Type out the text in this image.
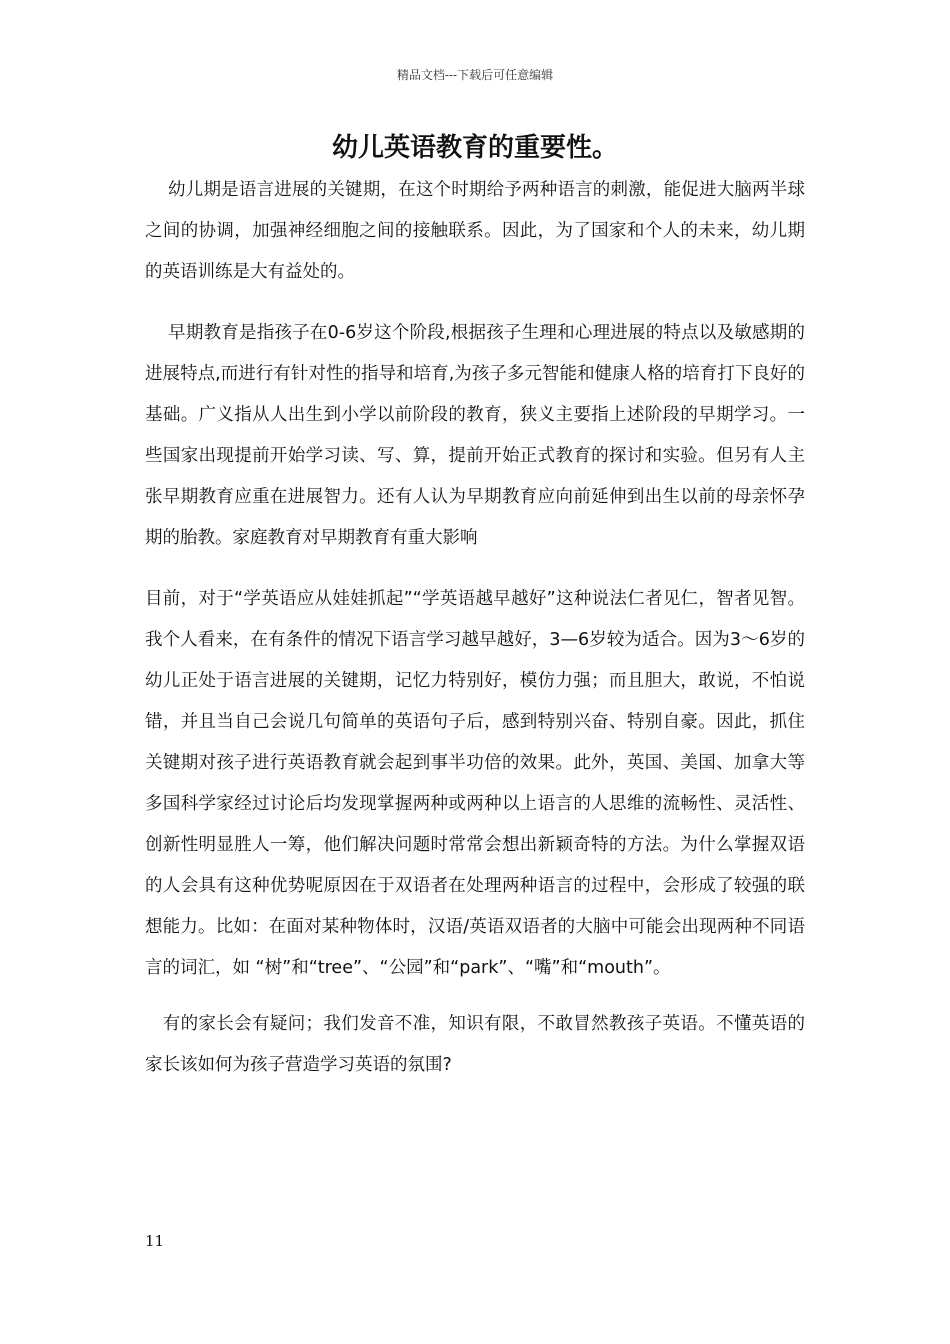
精品文档---下载后可任意编辑

幼儿英语教育的重要性。

幼儿期是语言进展的关键期，在这个时期给予两种语言的刺激，能促进大脑两半球之间的协调，加强神经细胞之间的接触联系。因此，为了国家和个人的未来，幼儿期的英语训练是大有益处的。

早期教育是指孩子在0-6岁这个阶段,根据孩子生理和心理进展的特点以及敏感期的进展特点,而进行有针对性的指导和培育,为孩子多元智能和健康人格的培育打下良好的基础。广义指从人出生到小学以前阶段的教育，狭义主要指上述阶段的早期学习。一些国家出现提前开始学习读、写、算，提前开始正式教育的探讨和实验。但另有人主张早期教育应重在进展智力。还有人认为早期教育应向前延伸到出生以前的母亲怀孕期的胎教。家庭教育对早期教育有重大影响

目前，对于“学英语应从娃娃抓起”“学英语越早越好”这种说法仁者见仁，智者见智。我个人看来，在有条件的情况下语言学习越早越好，3—6岁较为适合。因为3～6岁的幼儿正处于语言进展的关键期，记忆力特别好，模仿力强；而且胆大，敢说，不怕说错，并且当自己会说几句简单的英语句子后，感到特别兴奋、特别自豪。因此，抓住关键期对孩子进行英语教育就会起到事半功倍的效果。此外，英国、美国、加拿大等多国科学家经过讨论后均发现掌握两种或两种以上语言的人思维的流畅性、灵活性、创新性明显胜人一筹，他们解决问题时常常会想出新颖奇特的方法。为什么掌握双语的人会具有这种优势呢原因在于双语者在处理两种语言的过程中，会形成了较强的联想能力。比如：在面对某种物体时，汉语/英语双语者的大脑中可能会出现两种不同语言的词汇，如 “树”和“tree”、“公园”和“park”、“嘴”和“mouth”。

有的家长会有疑问；我们发音不准，知识有限，不敢冒然教孩子英语。不懂英语的家长该如何为孩子营造学习英语的氛围?

11
